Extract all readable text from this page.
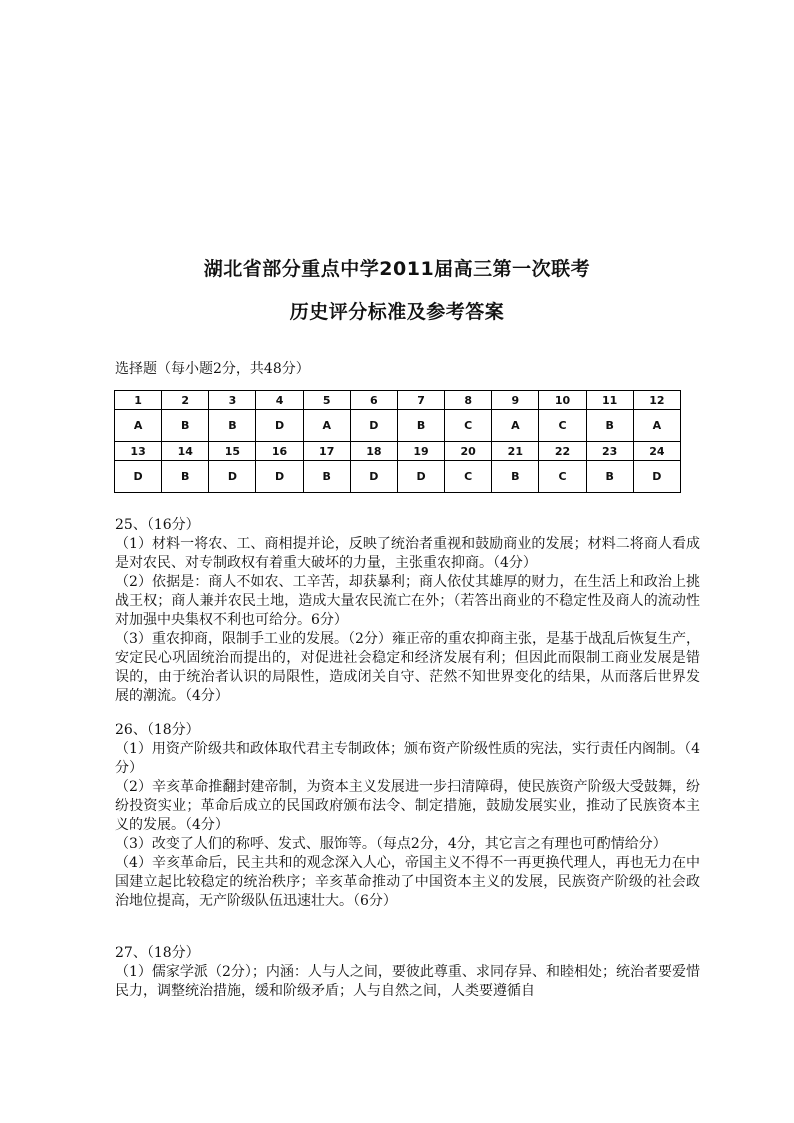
湖北省部分重点中学2011届高三第一次联考
历史评分标准及参考答案
选择题（每小题2分，共48分）
1	2	3	4	5	6	7	8	9	10	11	12
A	B	B	D	A	D	B	C	A	C	B	A
13	14	15	16	17	18	19	20	21	22	23	24
D	B	D	D	B	D	D	C	B	C	B	D
25、（16分）

（1）材料一将农、工、商相提并论，反映了统治者重视和鼓励商业的发展；材料二将商人看成是对农民、对专制政权有着重大破坏的力量，主张重农抑商。（4分）

（2）依据是：商人不如农、工辛苦，却获暴利；商人依仗其雄厚的财力，在生活上和政治上挑战王权；商人兼并农民土地，造成大量农民流亡在外；（若答出商业的不稳定性及商人的流动性对加强中央集权不利也可给分。6分）

（3）重农抑商，限制手工业的发展。（2分）雍正帝的重农抑商主张，是基于战乱后恢复生产，安定民心巩固统治而提出的，对促进社会稳定和经济发展有利；但因此而限制工商业发展是错误的，由于统治者认识的局限性，造成闭关自守、茫然不知世界变化的结果，从而落后世界发展的潮流。（4分）

26、（18分）

（1）用资产阶级共和政体取代君主专制政体；颁布资产阶级性质的宪法，实行责任内阁制。（4分）

（2）辛亥革命推翻封建帝制，为资本主义发展进一步扫清障碍，使民族资产阶级大受鼓舞，纷纷投资实业；革命后成立的民国政府颁布法令、制定措施，鼓励发展实业，推动了民族资本主义的发展。（4分）

（3）改变了人们的称呼、发式、服饰等。（每点2分，4分，其它言之有理也可酌情给分）

（4）辛亥革命后，民主共和的观念深入人心，帝国主义不得不一再更换代理人，再也无力在中国建立起比较稳定的统治秩序；辛亥革命推动了中国资本主义的发展，民族资产阶级的社会政治地位提高，无产阶级队伍迅速壮大。（6分）

27、（18分）

（1）儒家学派（2分）；内涵：人与人之间，要彼此尊重、求同存异、和睦相处；统治者要爱惜民力，调整统治措施，缓和阶级矛盾；人与自然之间，人类要遵循自
